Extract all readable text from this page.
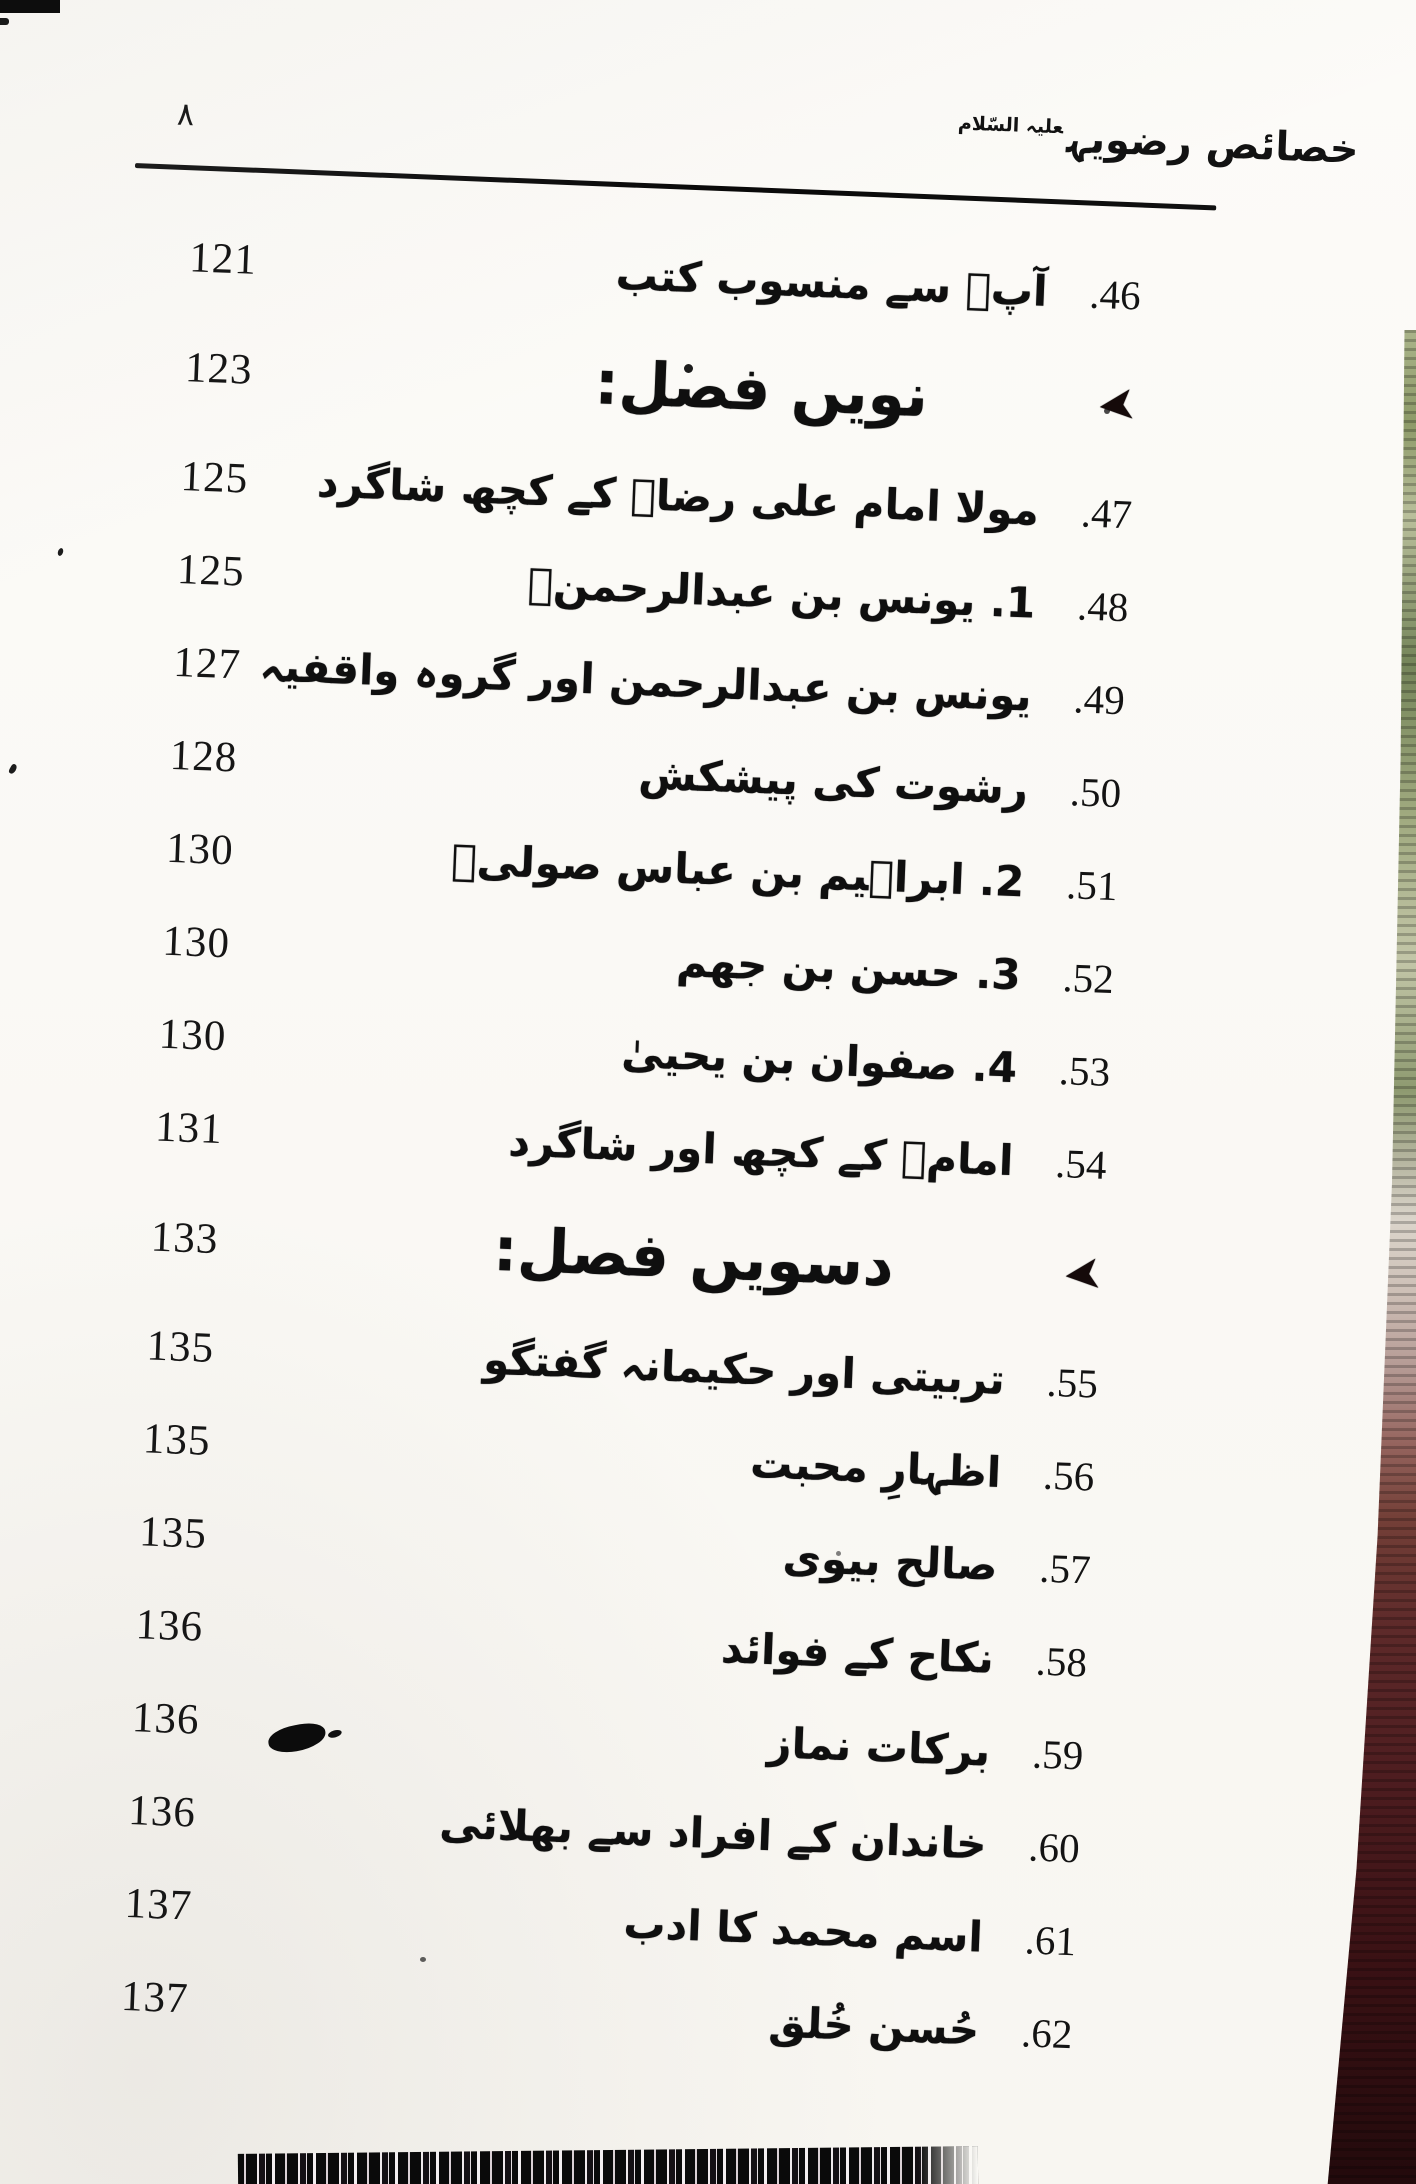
۸
خصائص رضویہ$^{علیہ السّلام}$
121
46.
آپؑ سے منسوب کتب
123
➤
نویں فصل:
125
47.
مولا امام علی رضاؑ کے کچھ شاگرد
125
48.
1. یونس بن عبدالرحمنؒ
127
49.
یونس بن عبدالرحمن اور گروہ واقفیہ
128
50.
رشوت کی پیشکش
130
51.
2. ابراہیم بن عباس صولیؒ
130
52.
3. حسن بن جھم
130
53.
4. صفوان بن یحییٰ
131
54.
امامؑ کے کچھ اور شاگرد
133
➤
دسویں فصل:
135
55.
تربیتی اور حکیمانہ گفتگو
135
56.
اظہارِ محبت
135
57.
صالح بیوی
136
58.
نکاح کے فوائد
136
59.
برکات نماز
136
60.
خاندان کے افراد سے بھلائی
137
61.
اسم محمد کا ادب
137
62.
حُسن خُلق
